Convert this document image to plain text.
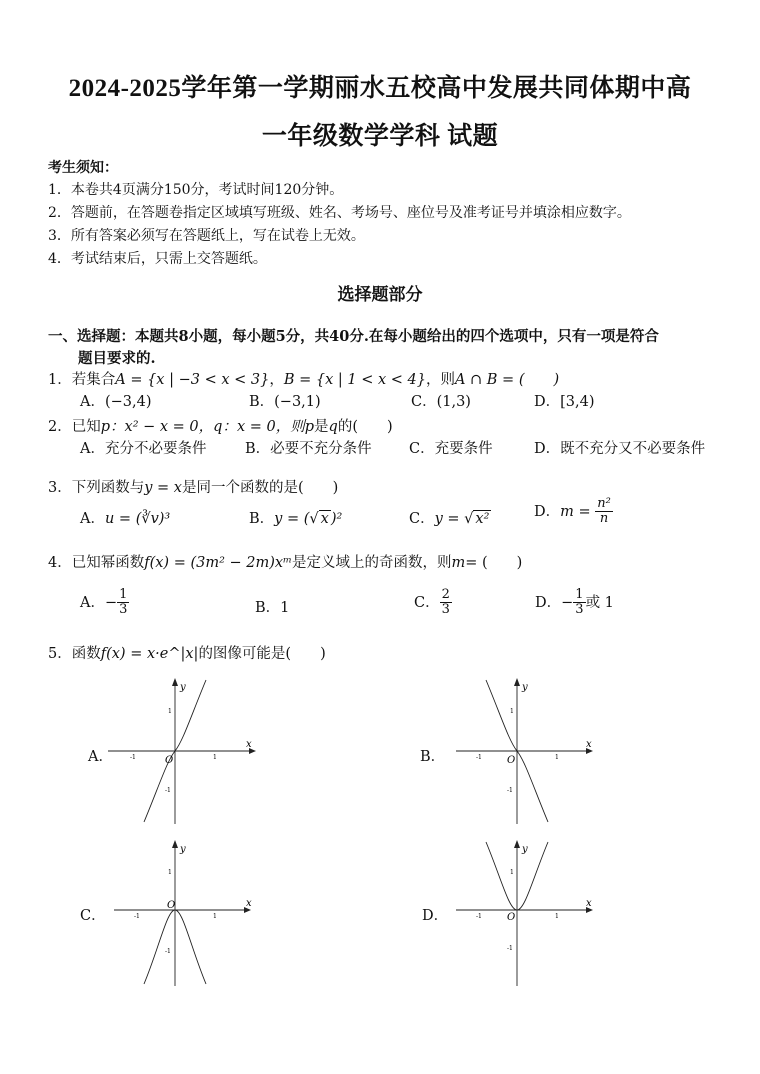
2024-2025学年第一学期丽水五校高中发展共同体期中高
一年级数学学科 试题
考生须知：
1．本卷共4页满分150分，考试时间120分钟。
2．答题前，在答题卷指定区域填写班级、姓名、考场号、座位号及准考证号并填涂相应数字。
3．所有答案必须写在答题纸上，写在试卷上无效。
4．考试结束后，只需上交答题纸。
选择题部分
一、选择题：本题共8小题，每小题5分，共40分.在每小题给出的四个选项中，只有一项是符合
题目要求的.
1．若集合A = {x | −3 < x < 3}，B = {x | 1 < x < 4}，则A ∩ B = (　　)
A．(−3,4)	B．(−3,1)	C．(1,3)	D．[3,4)
2．已知p：x² − x = 0，q：x = 0，则p是q的(　　)
A．充分不必要条件	B．必要不充分条件	C．充要条件	D．既不充分又不必要条件
3．下列函数与y = x是同一个函数的是(　　)
A．u = (∛v)³	B．y = (√ x )²	C．y = √ x²	D．$m = \frac{\text{n²}}{n}$
4．已知幂函数f(x) = (3m² − 2m)xᵐ是定义域上的奇函数，则m= (　　)
A．− $\frac{1}{3}$	B．1	C． $\frac{2}{3}$	D．− $\frac{1}{3}$ 或 1
5．函数f(x) = x·e^|x|的图像可能是(　　)
A．	B．
C．	D．
x
y
O
-1	1
1
-1
x
y
O
-1	1
1
-1
x
y
O
-1	1
1
-1
x
y
O
-1	1
1
-1
